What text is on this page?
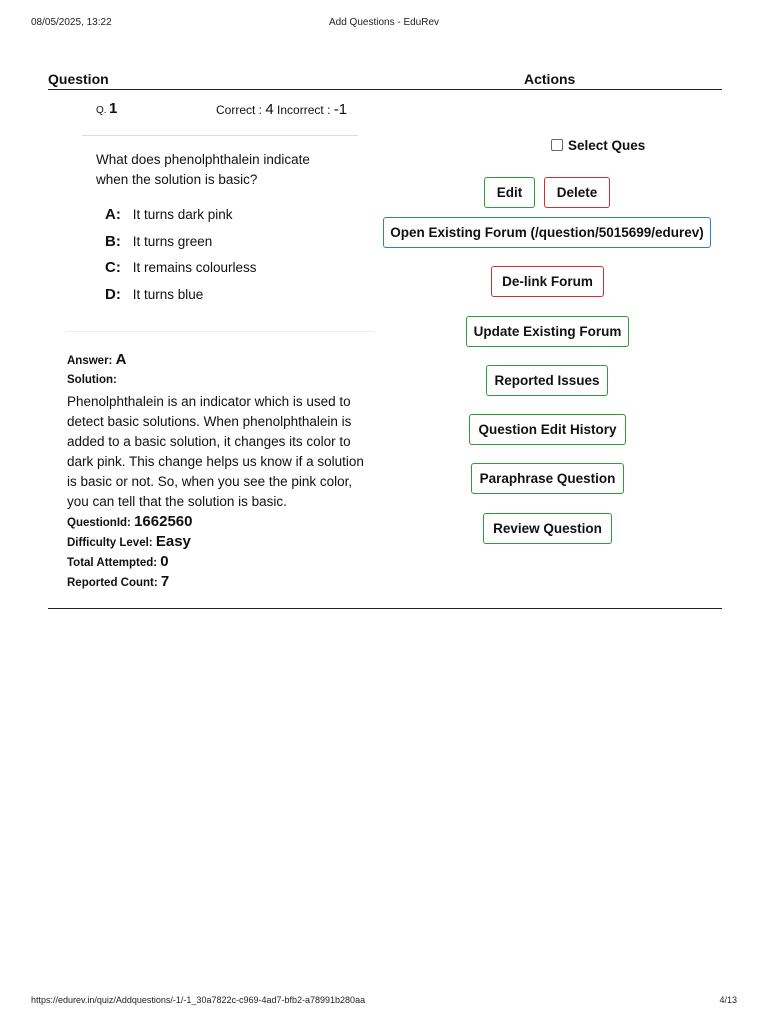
08/05/2025, 13:22	Add Questions - EduRev
Question	Actions
Q. 1	Correct : 4 Incorrect : -1
What does phenolphthalein indicate when the solution is basic?
A: It turns dark pink
B: It turns green
C: It remains colourless
D: It turns blue
Answer: A
Solution:

Phenolphthalein is an indicator which is used to detect basic solutions. When phenolphthalein is added to a basic solution, it changes its color to dark pink. This change helps us know if a solution is basic or not. So, when you see the pink color, you can tell that the solution is basic.

QuestionId: 1662560
Difficulty Level: Easy
Total Attempted: 0
Reported Count: 7
Select Ques
Edit	Delete
Open Existing Forum (/question/5015699/edurev)
De-link Forum
Update Existing Forum
Reported Issues
Question Edit History
Paraphrase Question
Review Question
https://edurev.in/quiz/Addquestions/-1/-1_30a7822c-c969-4ad7-bfb2-a78991b280aa	4/13
